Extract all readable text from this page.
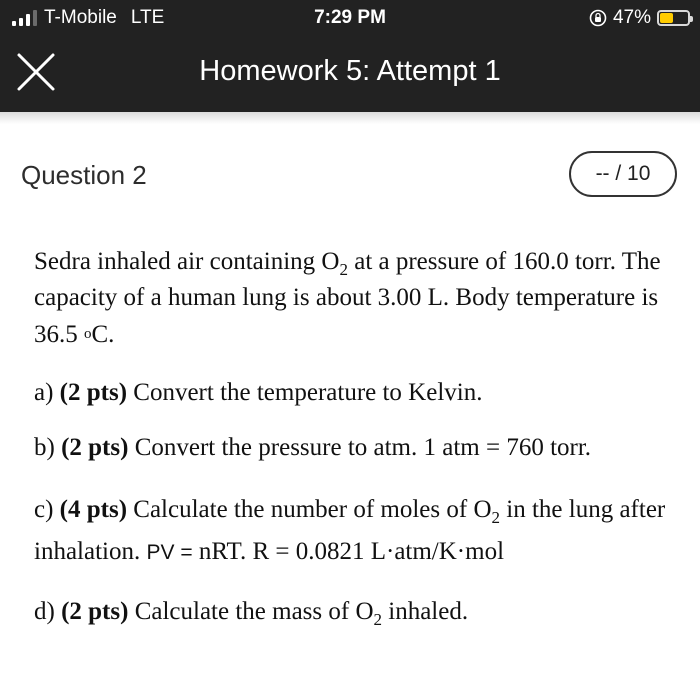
T-Mobile LTE	7:29 PM	47%
Homework 5: Attempt 1
Question 2	-- / 10

Sedra inhaled air containing $O_2$ at a pressure of 160.0 torr. The capacity of a human lung is about 3.00 L. Body temperature is 36.5 oC.

a) (2 pts) Convert the temperature to Kelvin.

b) (2 pts) Convert the pressure to atm. 1 atm = 760 torr.

c) (4 pts) Calculate the number of moles of $O_2$ in the lung after inhalation. PV = nRT. R = 0.0821 L·atm/K·mol

d) (2 pts) Calculate the mass of $O_2$ inhaled.
